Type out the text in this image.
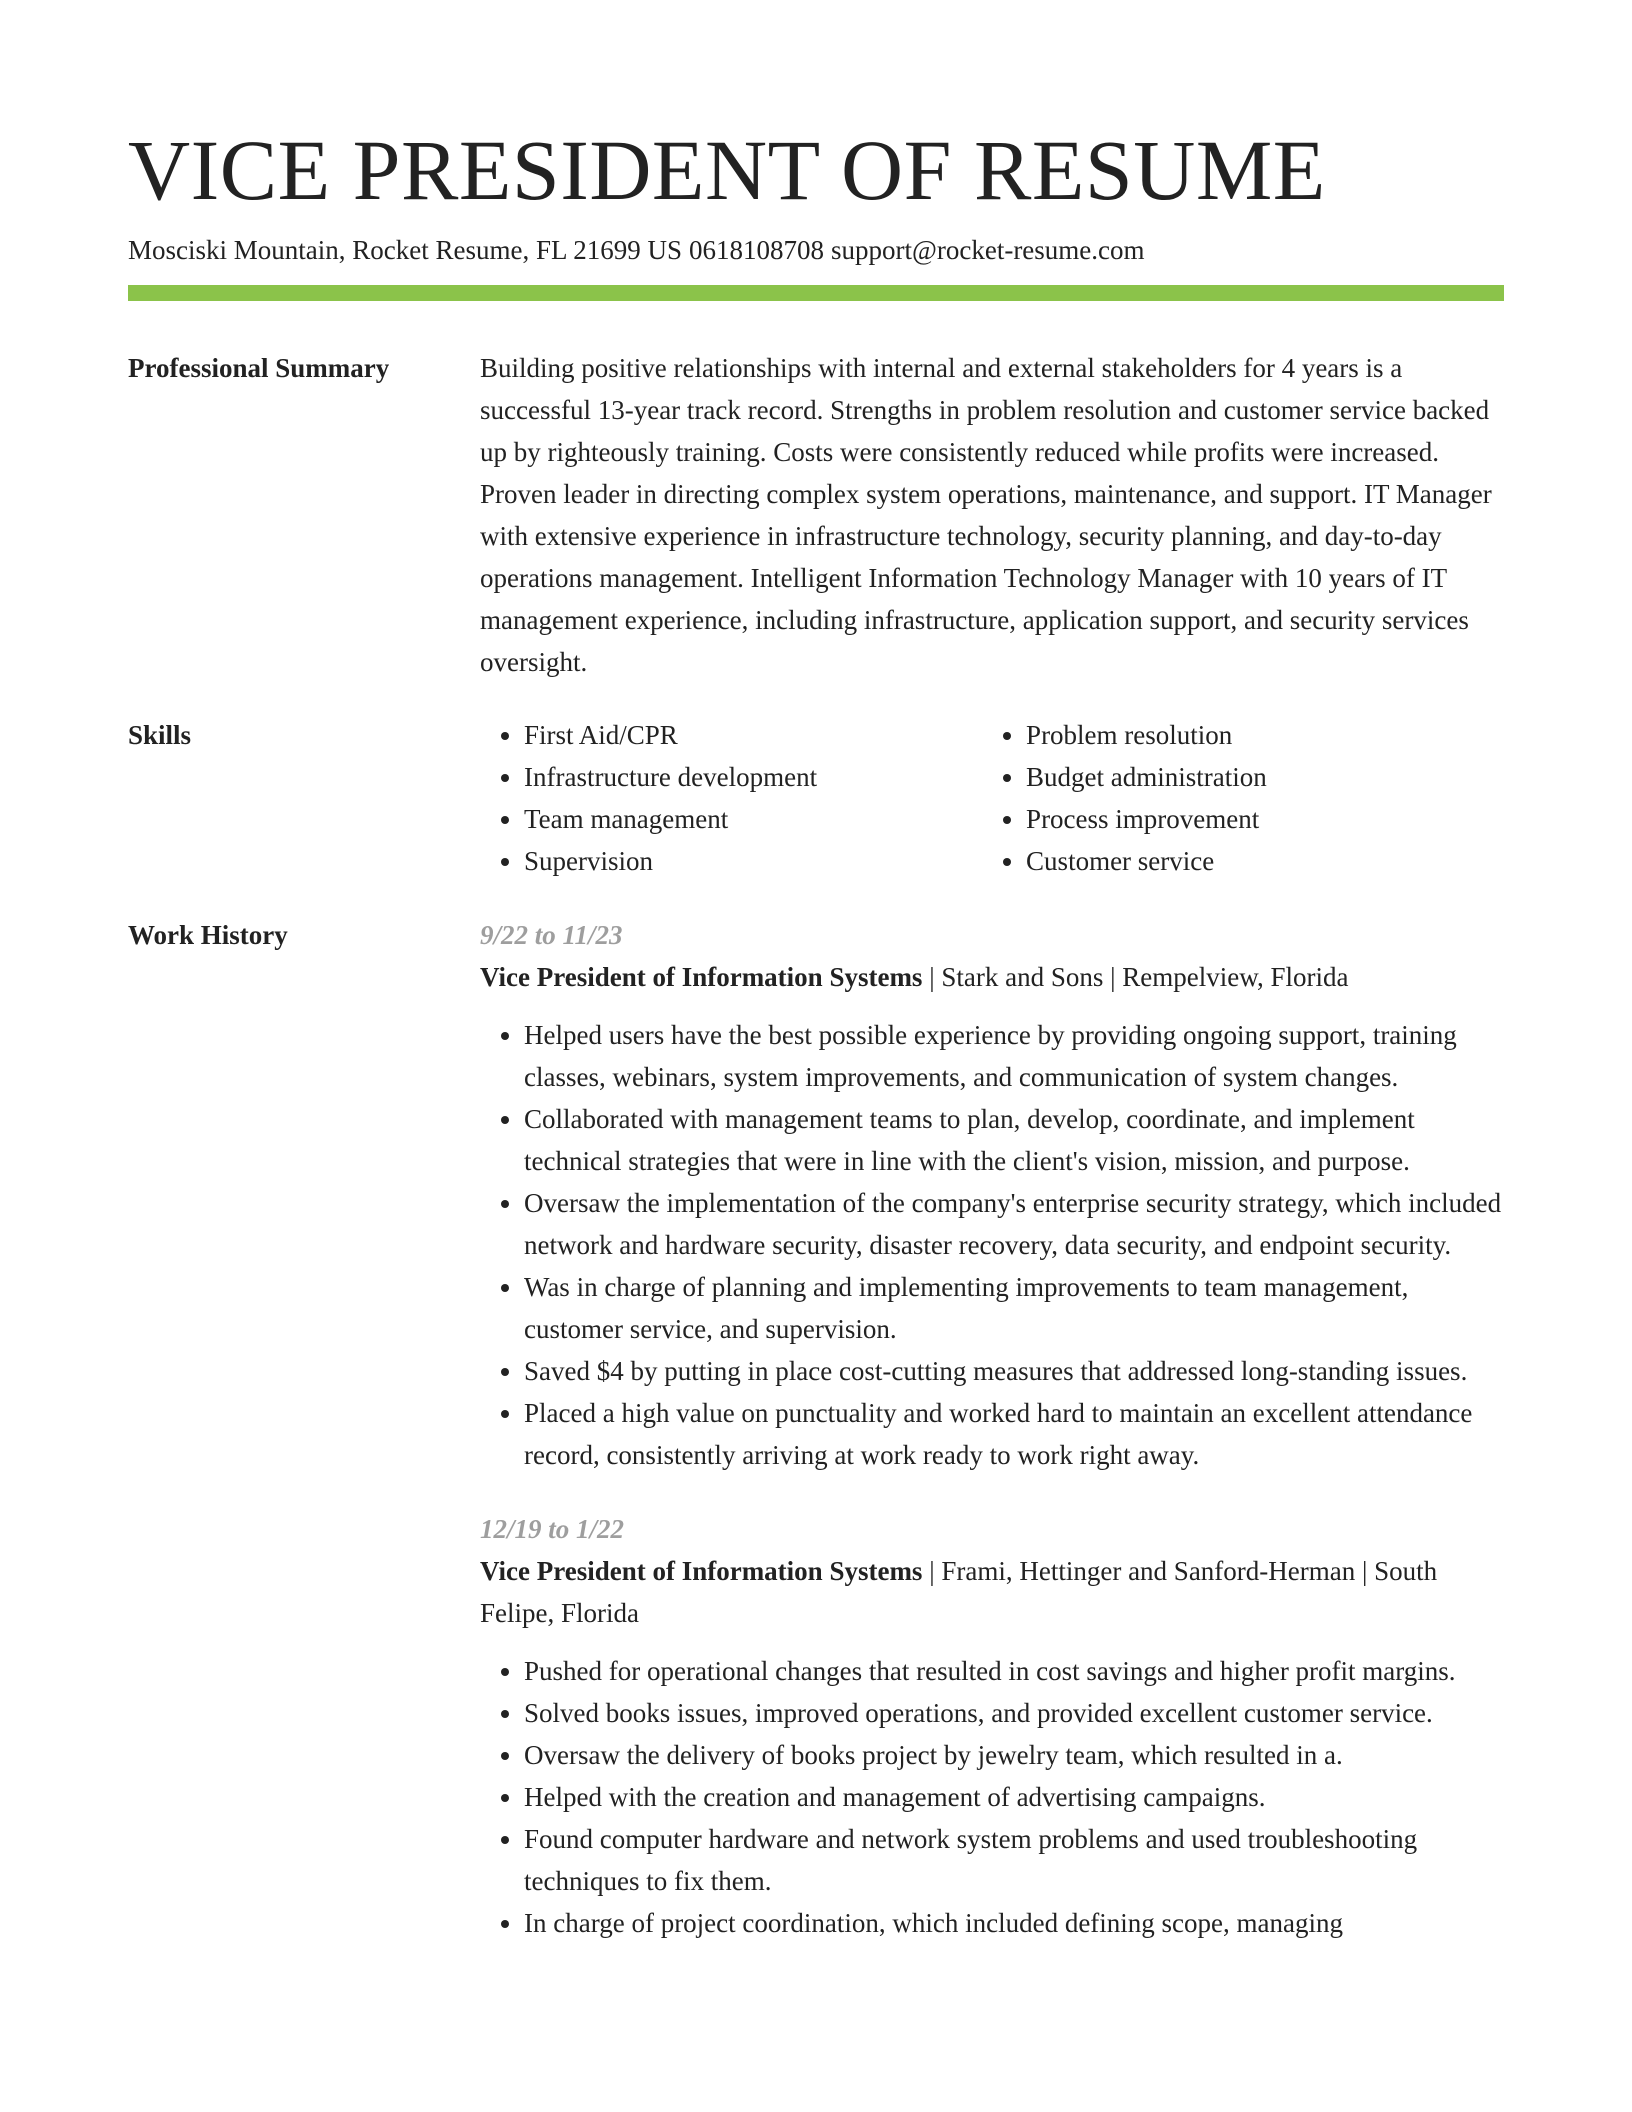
VICE PRESIDENT OF RESUME
Mosciski Mountain, Rocket Resume, FL 21699 US 0618108708 support@rocket-resume.com
Professional Summary	Building positive relationships with internal and external stakeholders for 4 years is a successful 13-year track record. Strengths in problem resolution and customer service backed up by righteously training. Costs were consistently reduced while profits were increased. Proven leader in directing complex system operations, maintenance, and support. IT Manager with extensive experience in infrastructure technology, security planning, and day-to-day operations management. Intelligent Information Technology Manager with 10 years of IT management experience, including infrastructure, application support, and security services oversight.

Skills
•	First Aid/CPR
• Infrastructure development
• Team management
• Supervision
• Problem resolution
• Budget administration
• Process improvement
• Customer service
Work History	9/22 to 11/23
Vice President of Information Systems | Stark and Sons | Rempelview, Florida
• Helped users have the best possible experience by providing ongoing support, training classes, webinars, system improvements, and communication of system changes.
• Collaborated with management teams to plan, develop, coordinate, and implement technical strategies that were in line with the client's vision, mission, and purpose.
• Oversaw the implementation of the company's enterprise security strategy, which included network and hardware security, disaster recovery, data security, and endpoint security.
• Was in charge of planning and implementing improvements to team management, customer service, and supervision.
• Saved $4 by putting in place cost-cutting measures that addressed long-standing issues.
• Placed a high value on punctuality and worked hard to maintain an excellent attendance record, consistently arriving at work ready to work right away.
12/19 to 1/22
Vice President of Information Systems | Frami, Hettinger and Sanford-Herman | South Felipe, Florida
• Pushed for operational changes that resulted in cost savings and higher profit margins.
• Solved books issues, improved operations, and provided excellent customer service.
• Oversaw the delivery of books project by jewelry team, which resulted in a.
• Helped with the creation and management of advertising campaigns.
• Found computer hardware and network system problems and used troubleshooting techniques to fix them.
• In charge of project coordination, which included defining scope, managing
